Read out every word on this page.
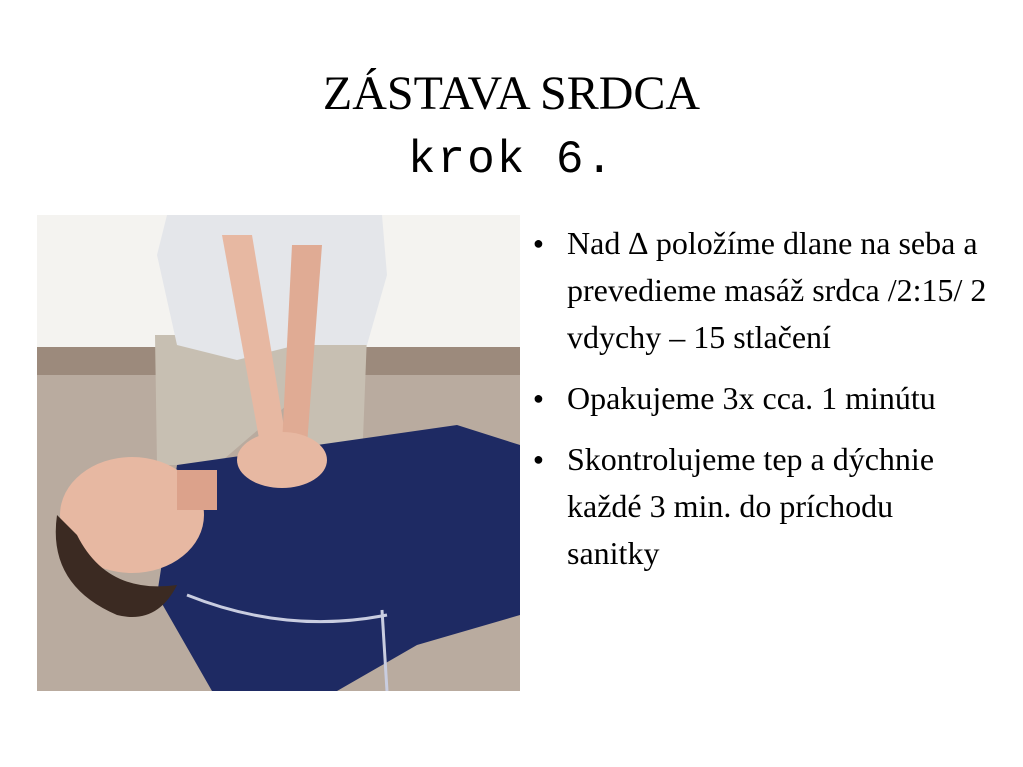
ZÁSTAVA SRDCA
krok 6.
● Nad ∆ položíme dlane na seba a prevedieme masáž srdca /2:15/ 2 vdychy – 15 stlačení
● Opakujeme 3x cca. 1 minútu
● Skontrolujeme tep a dýchnie každé 3 min. do príchodu sanitky
